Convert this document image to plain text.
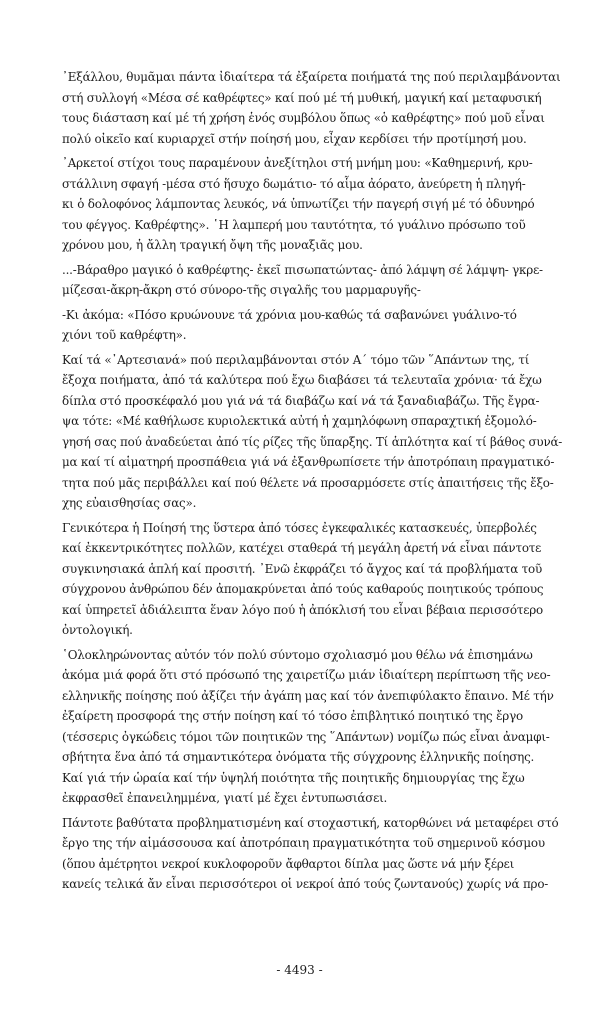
᾿Εξάλλου, θυμᾶμαι πάντα ἰδιαίτερα τά ἐξαίρετα ποιήματά της πού περιλαμβάνονται
στή συλλογή «Μέσα σέ καθρέφτες» καί πού μέ τή μυθική, μαγική καί μεταφυσική
τους διάσταση καί μέ τή χρήση ἑνός συμβόλου ὅπως «ὁ καθρέφτης» πού μοῦ εἶναι
πολύ οἰκεῖο καί κυριαρχεῖ στήν ποίησή μου, εἶχαν κερδίσει τήν προτίμησή μου.

᾿Αρκετοί στίχοι τους παραμένουν ἀνεξίτηλοι στή μνήμη μου: «Καθημερινή, κρυ-
στάλλινη σφαγή -μέσα στό ἥσυχο δωμάτιο- τό αἷμα ἀόρατο, ἀνεύρετη ἡ πληγή-
κι ὁ δολοφόνος λάμποντας λευκός, νά ὑπνωτίζει τήν παγερή σιγή μέ τό ὀδυνηρό
του φέγγος. Καθρέφτης». ῾Η λαμπερή μου ταυτότητα, τό γυάλινο πρόσωπο τοῦ
χρόνου μου, ἡ ἄλλη τραγική ὄψη τῆς μοναξιᾶς μου.

...-Βάραθρο μαγικό ὁ καθρέφτης- ἐκεῖ πισωπατώντας- ἀπό λάμψη σέ λάμψη- γκρε-
μίζεσαι-ἄκρη-ἄκρη στό σύνορο-τῆς σιγαλῆς του μαρμαρυγῆς-

-Κι ἀκόμα: «Πόσο κρυώνουνε τά χρόνια μου-καθώς τά σαβανώνει γυάλινο-τό
χιόνι τοῦ καθρέφτη».

Καί τά «᾿Αρτεσιανά» πού περιλαμβάνονται στόν Α΄ τόμο τῶν ῞Απάντων της, τί
ἔξοχα ποιήματα, ἀπό τά καλύτερα πού ἔχω διαβάσει τά τελευταῖα χρόνια· τά ἔχω
δίπλα στό προσκέφαλό μου γιά νά τά διαβάζω καί νά τά ξαναδιαβάζω. Τῆς ἔγρα-
ψα τότε: «Μέ καθήλωσε κυριολεκτικά αὐτή ἡ χαμηλόφωνη σπαραχτική ἐξομολό-
γησή σας πού ἀναδεύεται ἀπό τίς ρίζες τῆς ὕπαρξης. Τί ἁπλότητα καί τί βάθος συνά-
μα καί τί αἱματηρή προσπάθεια γιά νά ἐξανθρωπίσετε τήν ἀποτρόπαιη πραγματικό-
τητα πού μᾶς περιβάλλει καί πού θέλετε νά προσαρμόσετε στίς ἀπαιτήσεις τῆς ἔξο-
χης εὐαισθησίας σας».

Γενικότερα ἡ Ποίησή της ὕστερα ἀπό τόσες ἐγκεφαλικές κατασκευές, ὑπερβολές
καί ἐκκεντρικότητες πολλῶν, κατέχει σταθερά τή μεγάλη ἀρετή νά εἶναι πάντοτε
συγκινησιακά ἁπλή καί προσιτή. ᾿Ενῶ ἐκφράζει τό ἄγχος καί τά προβλήματα τοῦ
σύγχρονου ἀνθρώπου δέν ἀπομακρύνεται ἀπό τούς καθαρούς ποιητικούς τρόπους
καί ὑπηρετεῖ ἀδιάλειπτα ἕναν λόγο πού ἡ ἀπόκλισή του εἶναι βέβαια περισσότερο
ὀντολογική.

῾Ολοκληρώνοντας αὐτόν τόν πολύ σύντομο σχολιασμό μου θέλω νά ἐπισημάνω
ἀκόμα μιά φορά ὅτι στό πρόσωπό της χαιρετίζω μιάν ἰδιαίτερη περίπτωση τῆς νεο-
ελληνικῆς ποίησης πού ἀξίζει τήν ἀγάπη μας καί τόν ἀνεπιφύλακτο ἔπαινο. Μέ τήν
ἐξαίρετη προσφορά της στήν ποίηση καί τό τόσο ἐπιβλητικό ποιητικό της ἔργο
(τέσσερις ὀγκώδεις τόμοι τῶν ποιητικῶν της ῞Απάντων) νομίζω πώς εἶναι ἀναμφι-
σβήτητα ἕνα ἀπό τά σημαντικότερα ὀνόματα τῆς σύγχρονης ἑλληνικῆς ποίησης.
Καί γιά τήν ὡραία καί τήν ὑψηλή ποιότητα τῆς ποιητικῆς δημιουργίας της ἔχω
ἐκφρασθεῖ ἐπανειλημμένα, γιατί μέ ἔχει ἐντυπωσιάσει.

Πάντοτε βαθύτατα προβληματισμένη καί στοχαστική, κατορθώνει νά μεταφέρει στό
ἔργο της τήν αἱμάσσουσα καί ἀποτρόπαιη πραγματικότητα τοῦ σημερινοῦ κόσμου
(ὅπου ἀμέτρητοι νεκροί κυκλοφοροῦν ἄφθαρτοι δίπλα μας ὥστε νά μήν ξέρει
κανείς τελικά ἄν εἶναι περισσότεροι οἱ νεκροί ἀπό τούς ζωντανούς) χωρίς νά προ-

- 4493 -
